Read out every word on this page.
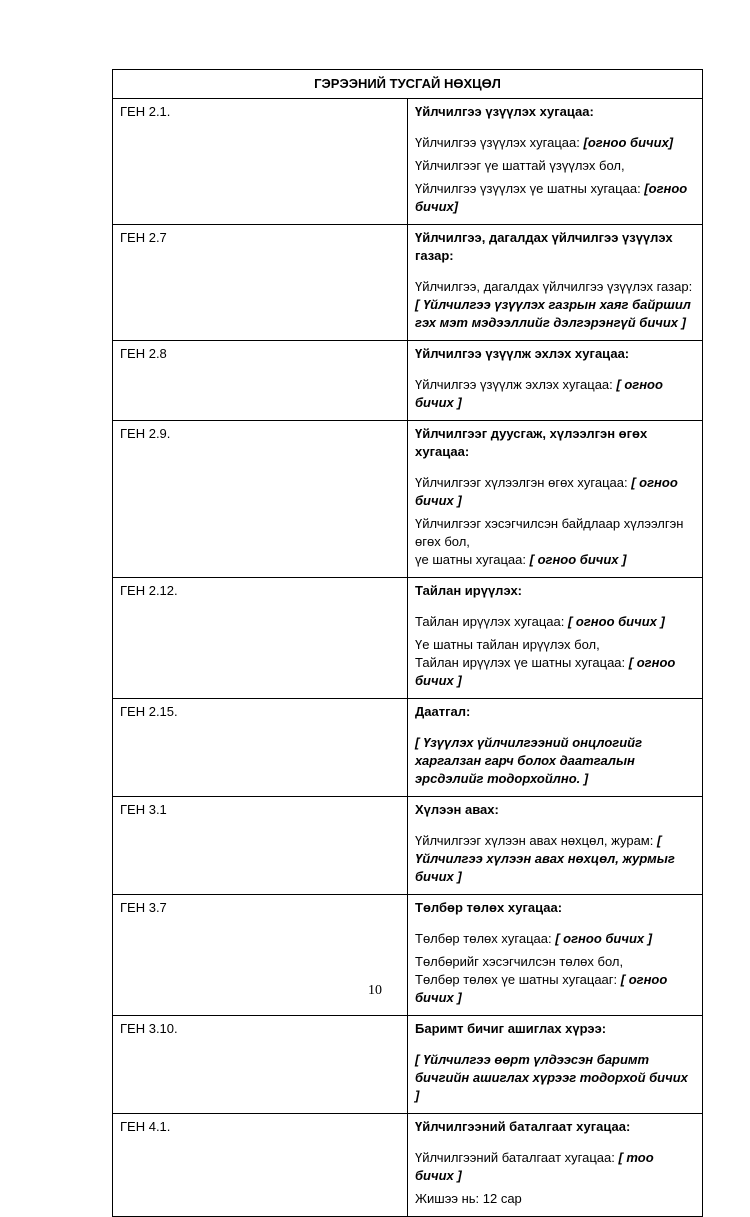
ГЭРЭЭНИЙ ТУСГАЙ НӨХЦӨЛ	
ГЕН 2.1.	Үйлчилгээ үзүүлэх хугацаа:
Үйлчилгээ үзүүлэх хугацаа: [огноо бичих]
Үйлчилгээг үе шаттай үзүүлэх бол,
Үйлчилгээ үзүүлэх үе шатны хугацаа: [огноо бичих]

ГЕН 2.7	Үйлчилгээ, дагалдах үйлчилгээ үзүүлэх газар:
Үйлчилгээ, дагалдах үйлчилгээ үзүүлэх газар: [ Үйлчилгээ үзүүлэх газрын хаяг байршил гэх мэт мэдээллийг дэлгэрэнгүй бичих ]

ГЕН 2.8	Үйлчилгээ үзүүлж эхлэх хугацаа:
Үйлчилгээ үзүүлж эхлэх хугацаа: [ огноо бичих ]

ГЕН 2.9.	Үйлчилгээг дуусгаж, хүлээлгэн өгөх хугацаа:
Үйлчилгээг хүлээлгэн өгөх хугацаа: [ огноо бичих ]
Үйлчилгээг хэсэгчилсэн байдлаар хүлээлгэн өгөх бол,
үе шатны хугацаа: [ огноо бичих ]

ГЕН 2.12.	Тайлан ирүүлэх:
Тайлан ирүүлэх хугацаа: [ огноо бичих ]
Үе шатны тайлан ирүүлэх бол,
Тайлан ирүүлэх үе шатны хугацаа: [ огноо бичих ]

ГЕН 2.15.	Даатгал:
[ Үзүүлэх үйлчилгээний онцлогийг харгалзан гарч болох даатгалын эрсдэлийг тодорхойлно. ]

ГЕН 3.1	Хүлээн авах:
Үйлчилгээг хүлээн авах нөхцөл, журам: [ Үйлчилгээ хүлээн авах нөхцөл, журмыг бичих ]

ГЕН 3.7	Төлбөр төлөх хугацаа:
Төлбөр төлөх хугацаа: [ огноо бичих ]
Төлбөрийг хэсэгчилсэн төлөх бол,
Төлбөр төлөх үе шатны хугацааг: [ огноо бичих ]

ГЕН 3.10.	Баримт бичиг ашиглах хүрээ:
[ Үйлчилгээ өөрт үлдээсэн баримт бичгийн ашиглах хүрээг тодорхой бичих ]

ГЕН 4.1.	Үйлчилгээний баталгаат хугацаа:
Үйлчилгээний баталгаат хугацаа: [ тоо бичих ]
Жишээ нь: 12 сар
10
